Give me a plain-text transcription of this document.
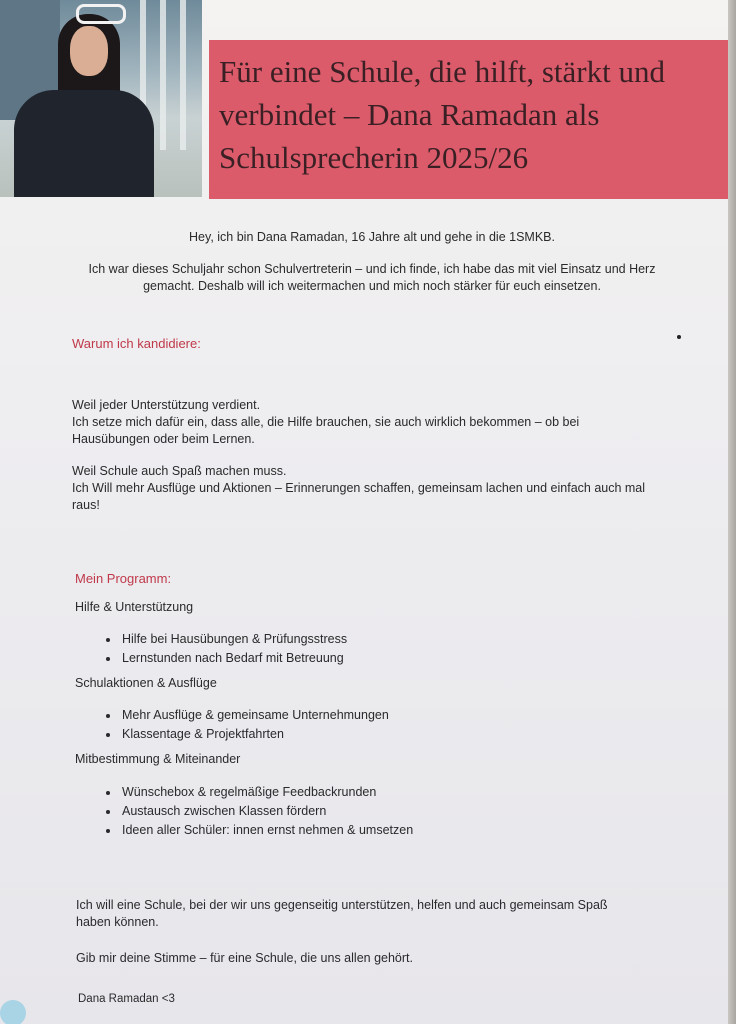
Für eine Schule, die hilft, stärkt und verbindet – Dana Ramadan als Schulsprecherin 2025/26

Hey, ich bin Dana Ramadan, 16 Jahre alt und gehe in die 1SMKB.

Ich war dieses Schuljahr schon Schulvertreterin – und ich finde, ich habe das mit viel Einsatz und Herz gemacht. Deshalb will ich weitermachen und mich noch stärker für euch einsetzen.

Warum ich kandidiere:

Weil jeder Unterstützung verdient.

Ich setze mich dafür ein, dass alle, die Hilfe brauchen, sie auch wirklich bekommen – ob bei Hausübungen oder beim Lernen.

Weil Schule auch Spaß machen muss.

Ich Will mehr Ausflüge und Aktionen – Erinnerungen schaffen, gemeinsam lachen und einfach auch mal raus!

Mein Programm:

Hilfe & Unterstützung

• Hilfe bei Hausübungen & Prüfungsstress
• Lernstunden nach Bedarf mit Betreuung

Schulaktionen & Ausflüge

• Mehr Ausflüge & gemeinsame Unternehmungen
• Klassentage & Projektfahrten

Mitbestimmung & Miteinander

• Wünschebox & regelmäßige Feedbackrunden
• Austausch zwischen Klassen fördern
• Ideen aller Schüler: innen ernst nehmen & umsetzen

Ich will eine Schule, bei der wir uns gegenseitig unterstützen, helfen und auch gemeinsam Spaß haben können.

Gib mir deine Stimme – für eine Schule, die uns allen gehört.

Dana Ramadan <3
